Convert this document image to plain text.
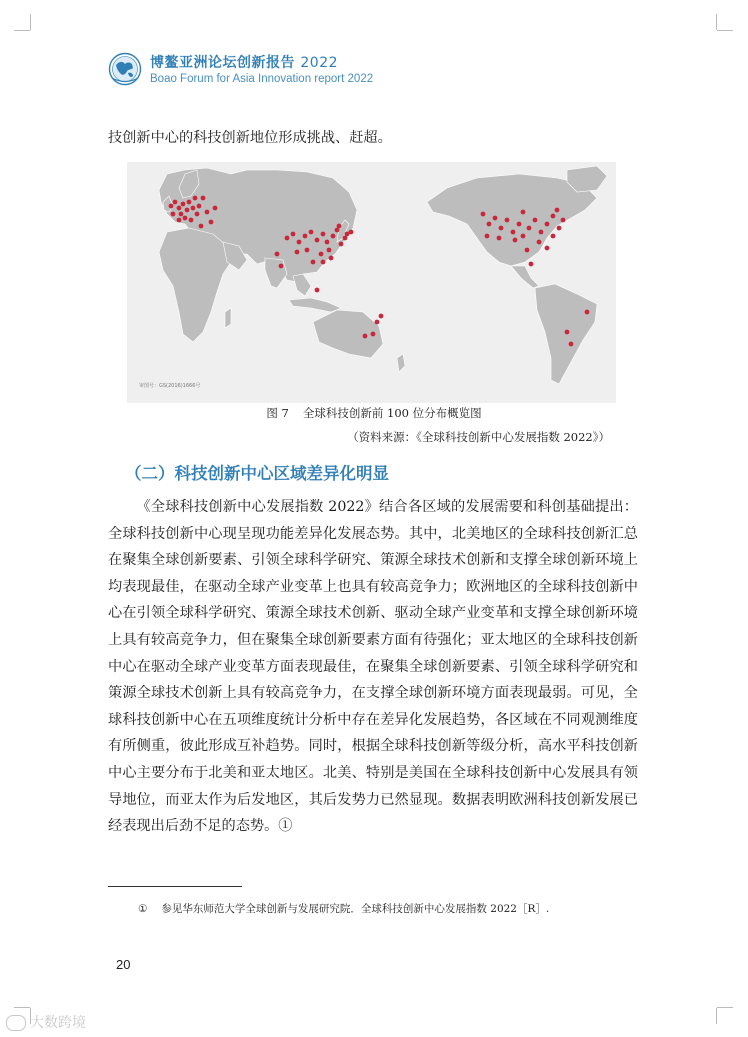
博鳌亚洲论坛创新报告 2022
Boao Forum for Asia Innovation report 2022
技创新中心的科技创新地位形成挑战、赶超。
审图号：GS(2016)1666号
图 7 全球科技创新前 100 位分布概览图
（资料来源：《全球科技创新中心发展指数 2022》）
（二）科技创新中心区域差异化明显
《全球科技创新中心发展指数 2022》结合各区域的发展需要和科创基础提出：全球科技创新中心现呈现功能差异化发展态势。其中，北美地区的全球科技创新汇总在聚集全球创新要素、引领全球科学研究、策源全球技术创新和支撑全球创新环境上均表现最佳，在驱动全球产业变革上也具有较高竞争力；欧洲地区的全球科技创新中心在引领全球科学研究、策源全球技术创新、驱动全球产业变革和支撑全球创新环境上具有较高竞争力，但在聚集全球创新要素方面有待强化；亚太地区的全球科技创新中心在驱动全球产业变革方面表现最佳，在聚集全球创新要素、引领全球科学研究和策源全球技术创新上具有较高竞争力，在支撑全球创新环境方面表现最弱。可见，全球科技创新中心在五项维度统计分析中存在差异化发展趋势，各区域在不同观测维度有所侧重，彼此形成互补趋势。同时，根据全球科技创新等级分析，高水平科技创新中心主要分布于北美和亚太地区。北美、特别是美国在全球科技创新中心发展具有领导地位，而亚太作为后发地区，其后发势力已然显现。数据表明欧洲科技创新发展已经表现出后劲不足的态势。①
① 参见华东师范大学全球创新与发展研究院．全球科技创新中心发展指数 2022［R］.
20
大数跨境
